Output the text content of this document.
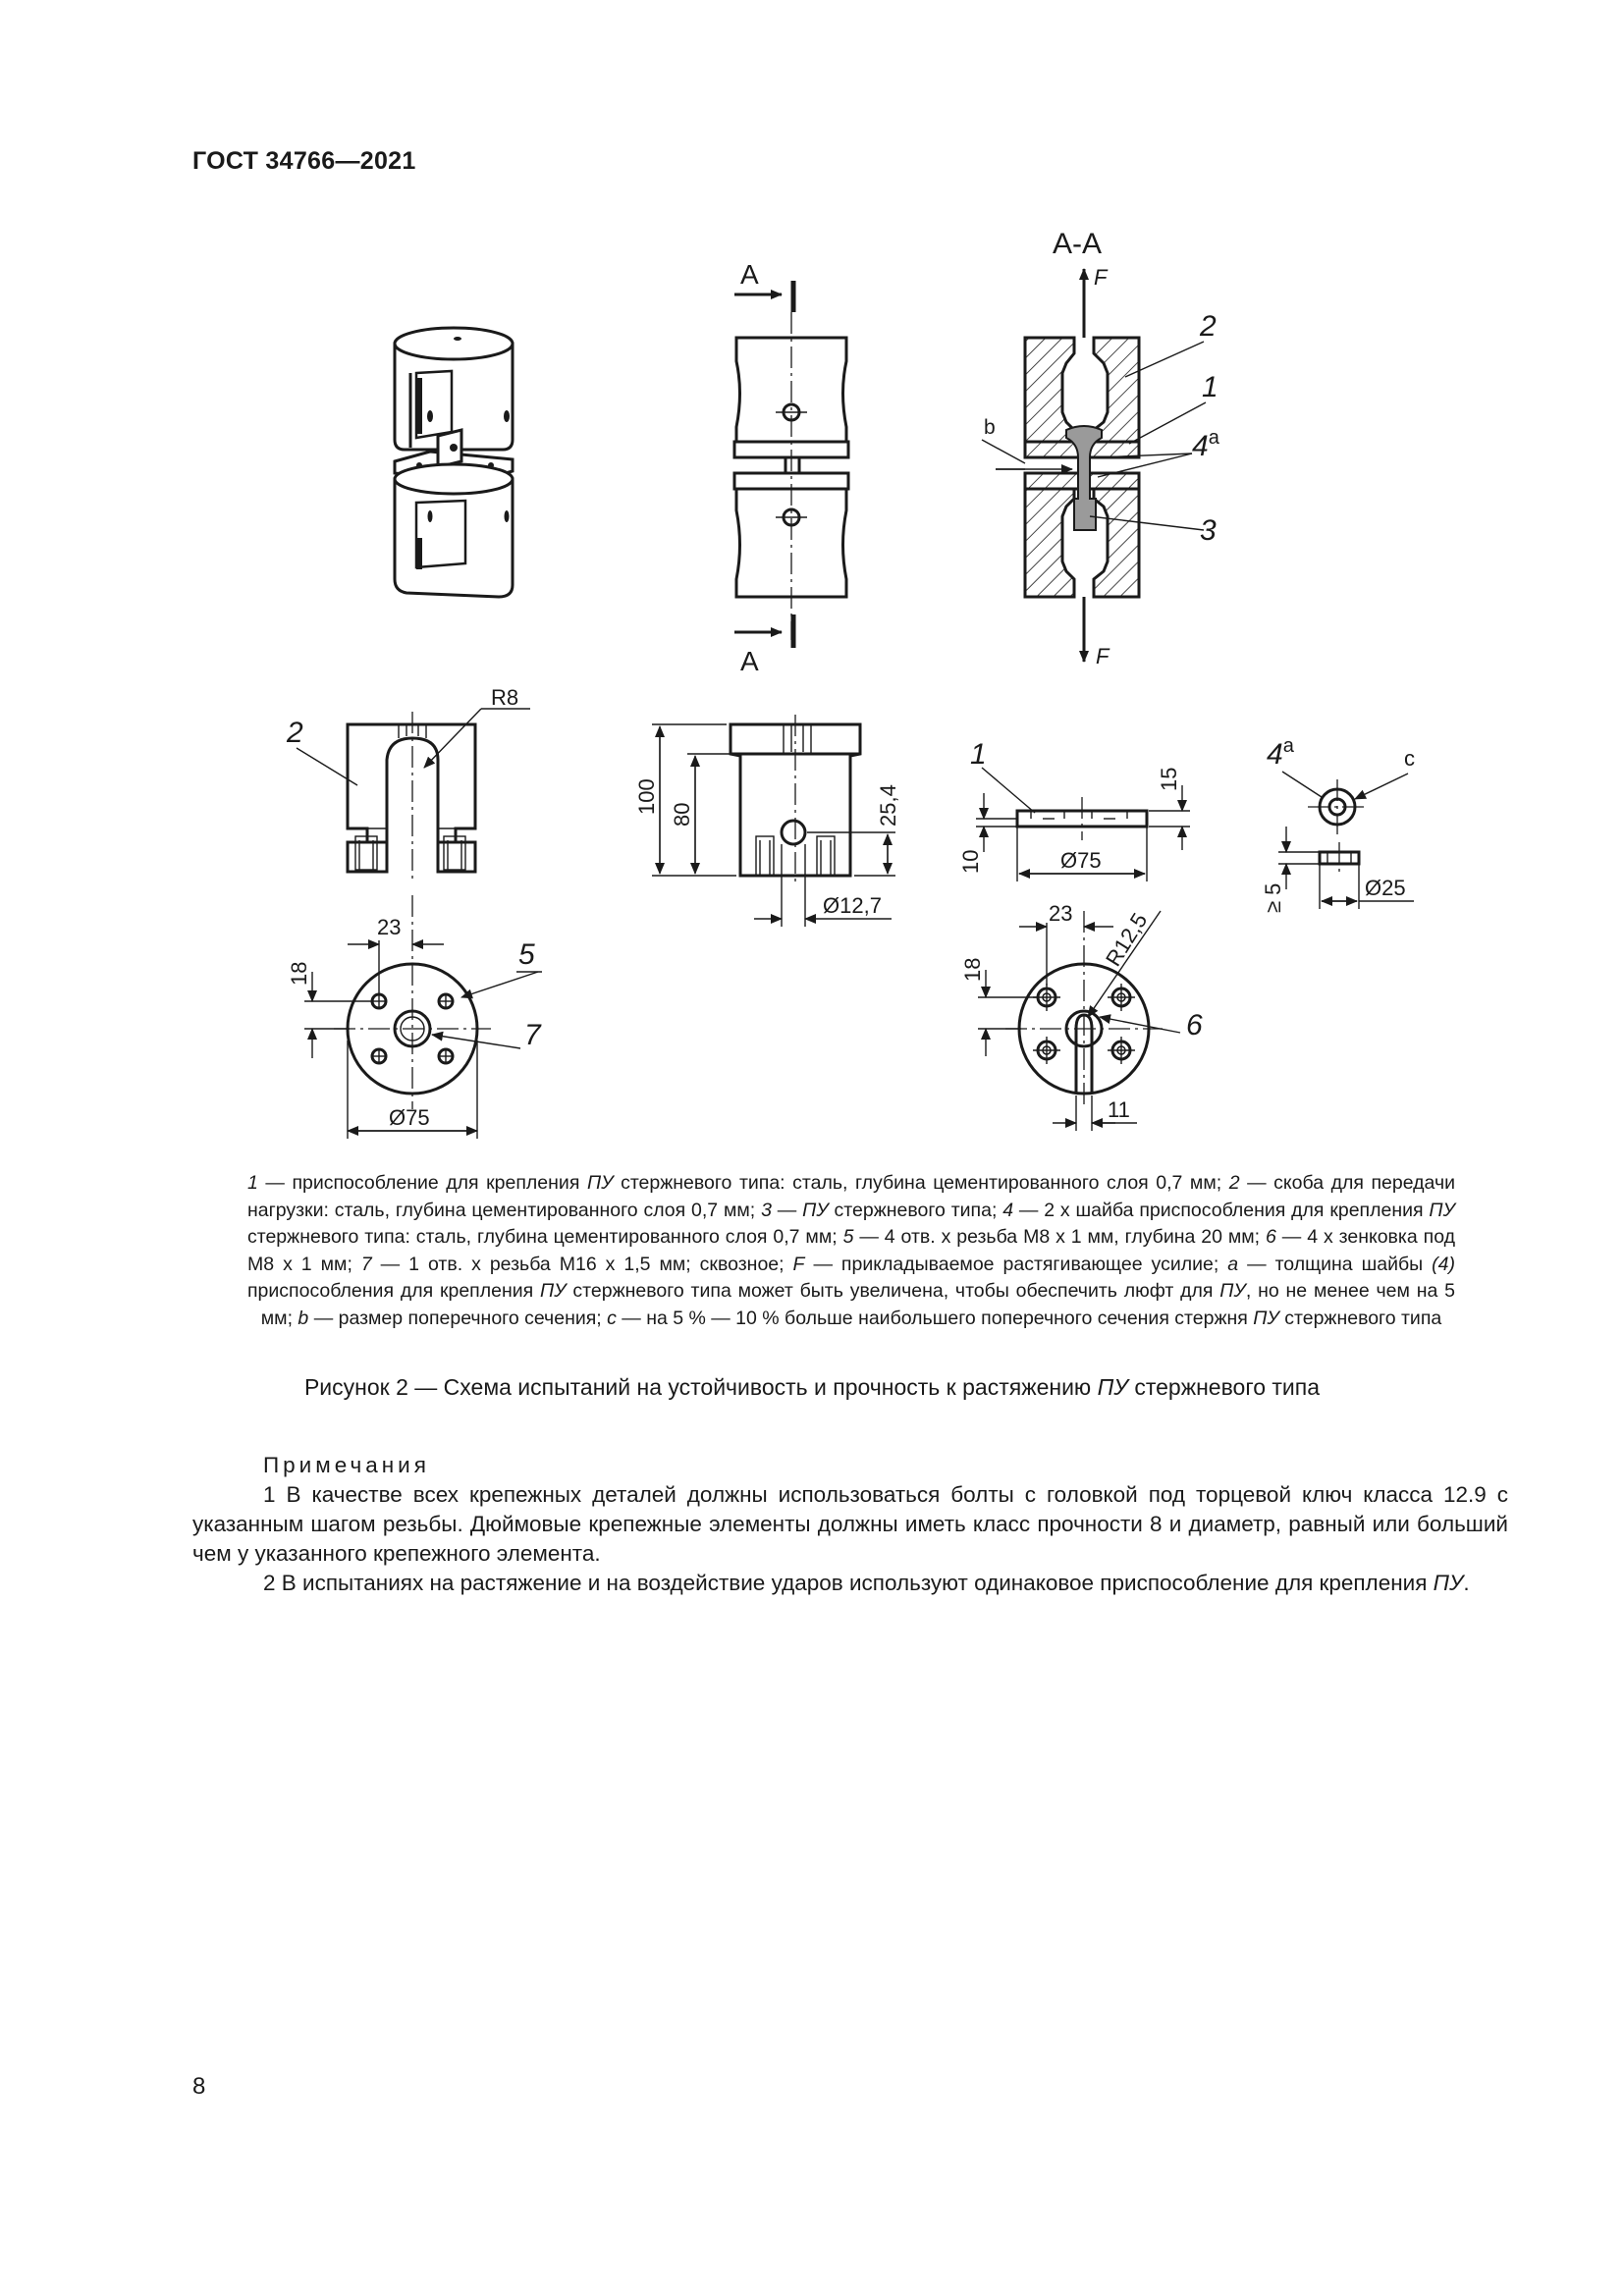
ГОСТ 34766—2021
А
А
А-А
F
F
2
1
4$^a$
3
b
2
R8
23
18
Ø75
5
7
100 80	25,4
Ø12,7
1
15
10	Ø75
23
18	R12,5
11
6
4$^a$	c
≥ 5	Ø25

1 — приспособление для крепления ПУ стержневого типа: сталь, глубина цементированного слоя 0,7 мм; 2 — скоба для передачи нагрузки: сталь, глубина цементированного слоя 0,7 мм; 3 — ПУ стержневого типа; 4 — 2 х шайба приспособления для крепления ПУ стержневого типа: сталь, глубина цементированного слоя 0,7 мм; 5 — 4 отв. х резьба М8 х 1 мм, глубина 20 мм; 6 — 4 х зенковка под М8 х 1 мм; 7 — 1 отв. х резьба М16 х 1,5 мм; сквозное; F — прикладываемое растягивающее усилие; a — толщина шайбы (4) приспособления для крепления ПУ стержневого типа может быть увеличена, чтобы обеспечить люфт для ПУ, но не менее чем на 5 мм; b — размер поперечного сечения; c — на 5 % — 10 % больше наибольшего поперечного сечения стержня ПУ стержневого типа

Рисунок 2 — Схема испытаний на устойчивость и прочность к растяжению ПУ стержневого типа

Примечания

1 В качестве всех крепежных деталей должны использоваться болты с головкой под торцевой ключ класса 12.9 с указанным шагом резьбы. Дюймовые крепежные элементы должны иметь класс прочности 8 и диаметр, равный или больший чем у указанного крепежного элемента.

2 В испытаниях на растяжение и на воздействие ударов используют одинаковое приспособление для крепления ПУ.

8
